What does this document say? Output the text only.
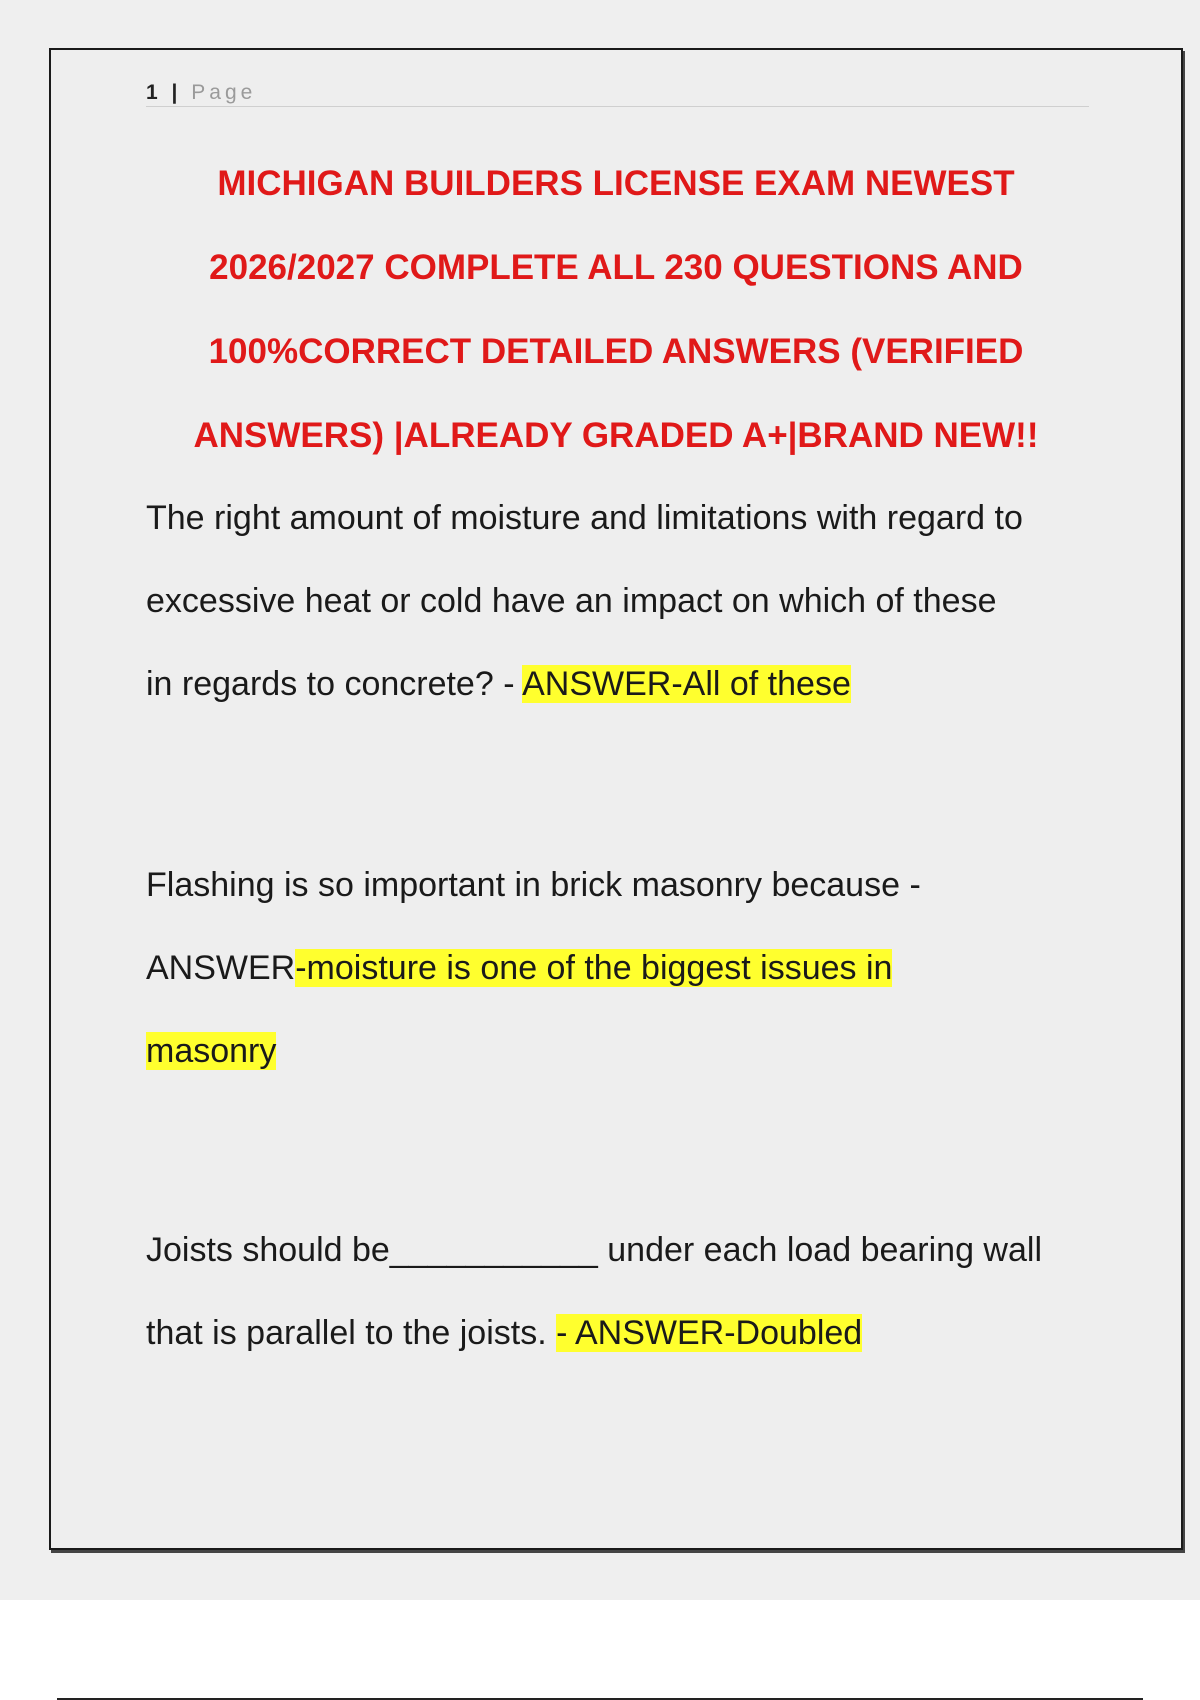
1 | Page
MICHIGAN BUILDERS LICENSE EXAM NEWEST
2026/2027 COMPLETE ALL 230 QUESTIONS AND
100%CORRECT DETAILED ANSWERS (VERIFIED
ANSWERS) |ALREADY GRADED A+|BRAND NEW!!
The right amount of moisture and limitations with regard to
excessive heat or cold have an impact on which of these
in regards to concrete? - ANSWER-All of these
Flashing is so important in brick masonry because -
ANSWER-moisture is one of the biggest issues in
masonry
Joists should be___________ under each load bearing wall
that is parallel to the joists. - ANSWER-Doubled
